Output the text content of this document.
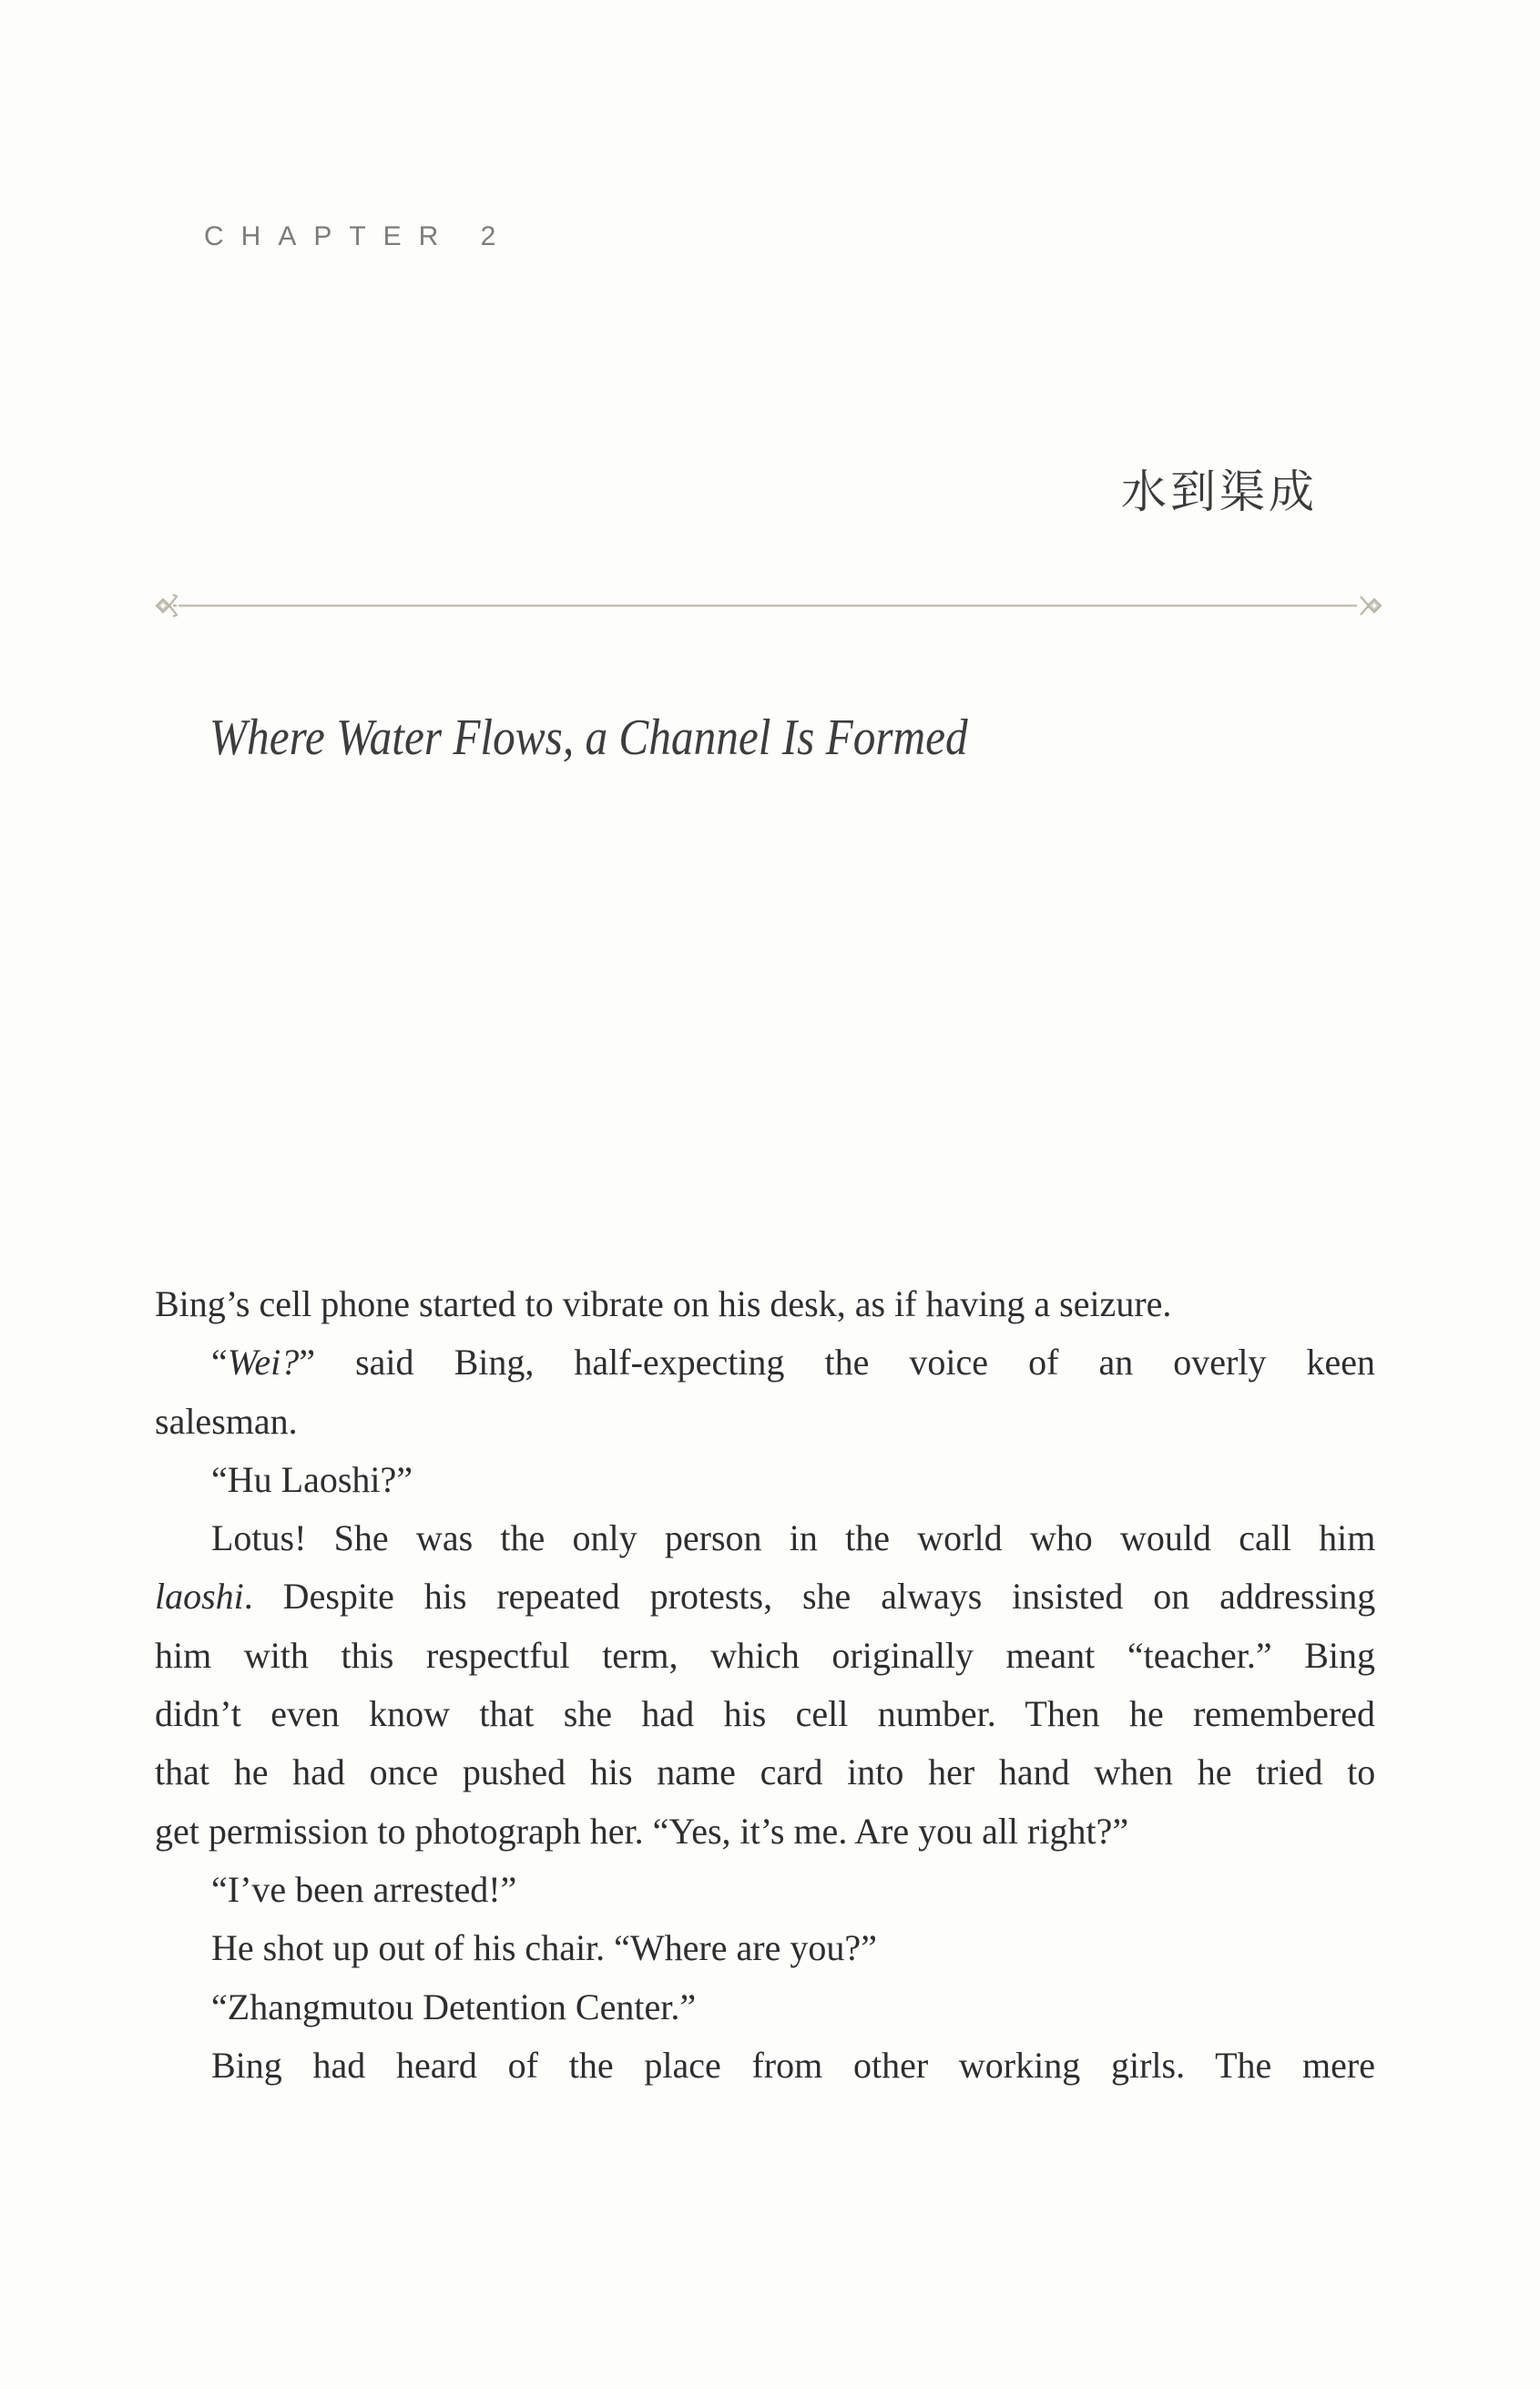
CHAPTER 2
水到渠成
Where Water Flows, a Channel Is Formed
Bing’s cell phone started to vibrate on his desk, as if having a seizure.
“Wei?” said Bing, half-expecting the voice of an overly keen
salesman.
“Hu Laoshi?”
Lotus! She was the only person in the world who would call him
laoshi. Despite his repeated protests, she always insisted on addressing
him with this respectful term, which originally meant “teacher.” Bing
didn’t even know that she had his cell number. Then he remembered
that he had once pushed his name card into her hand when he tried to
get permission to photograph her. “Yes, it’s me. Are you all right?”
“I’ve been arrested!”
He shot up out of his chair. “Where are you?”
“Zhangmutou Detention Center.”
Bing had heard of the place from other working girls. The mere
